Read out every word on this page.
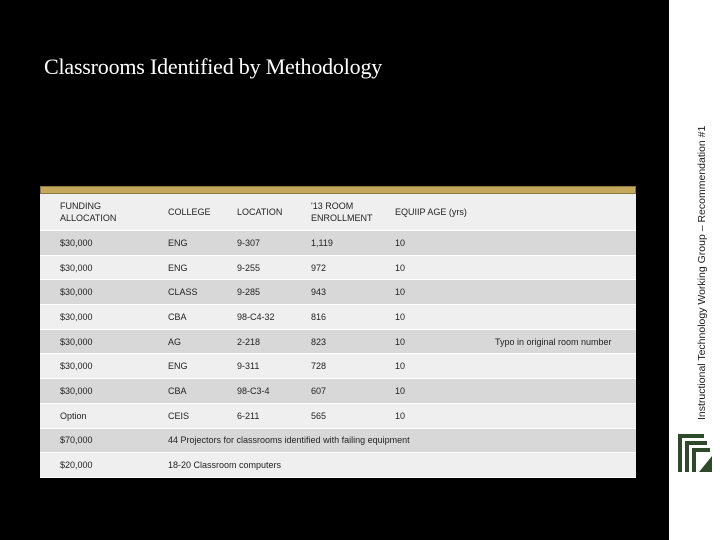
Classrooms Identified by Methodology
Instructional Technology Working Group – Recommendation #1
FUNDING ALLOCATION	COLLEGE	LOCATION	'13 ROOM ENROLLMENT	EQUIIP AGE (yrs)	
$30,000	ENG	9-307	1,119	10	
$30,000	ENG	9-255	972	10	
$30,000	CLASS	9-285	943	10	
$30,000	CBA	98-C4-32	816	10	
$30,000	AG	2-218	823	10	Typo in original room number
$30,000	ENG	9-311	728	10	
$30,000	CBA	98-C3-4	607	10	
Option	CEIS	6-211	565	10	
$70,000	44 Projectors for classrooms identified with failing equipment				
$20,000	18-20 Classroom computers				
